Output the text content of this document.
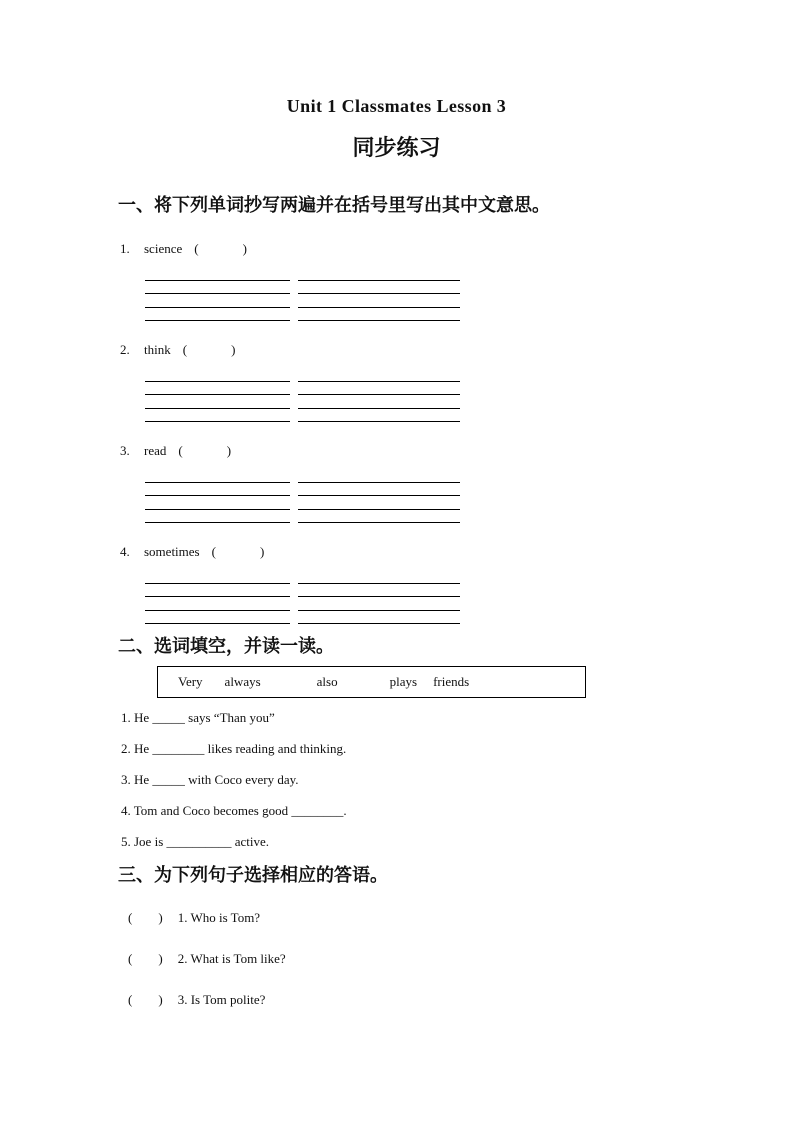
Unit 1 Classmates Lesson 3
同步练习
一、将下列单词抄写两遍并在括号里写出其中文意思。
1. science (	)
2. think (	)
3. read (	)
4. sometimes (	)
二、选词填空，并读一读。
Very always	also	plays friends
1. He _____ says “Than you”
2. He ________ likes reading and thinking.
3. He _____ with Coco every day.
4. Tom and Coco becomes good ________.
5. Joe is __________ active.
三、为下列句子选择相应的答语。
( ) 1. Who is Tom?
( ) 2. What is Tom like?
( ) 3. Is Tom polite?
